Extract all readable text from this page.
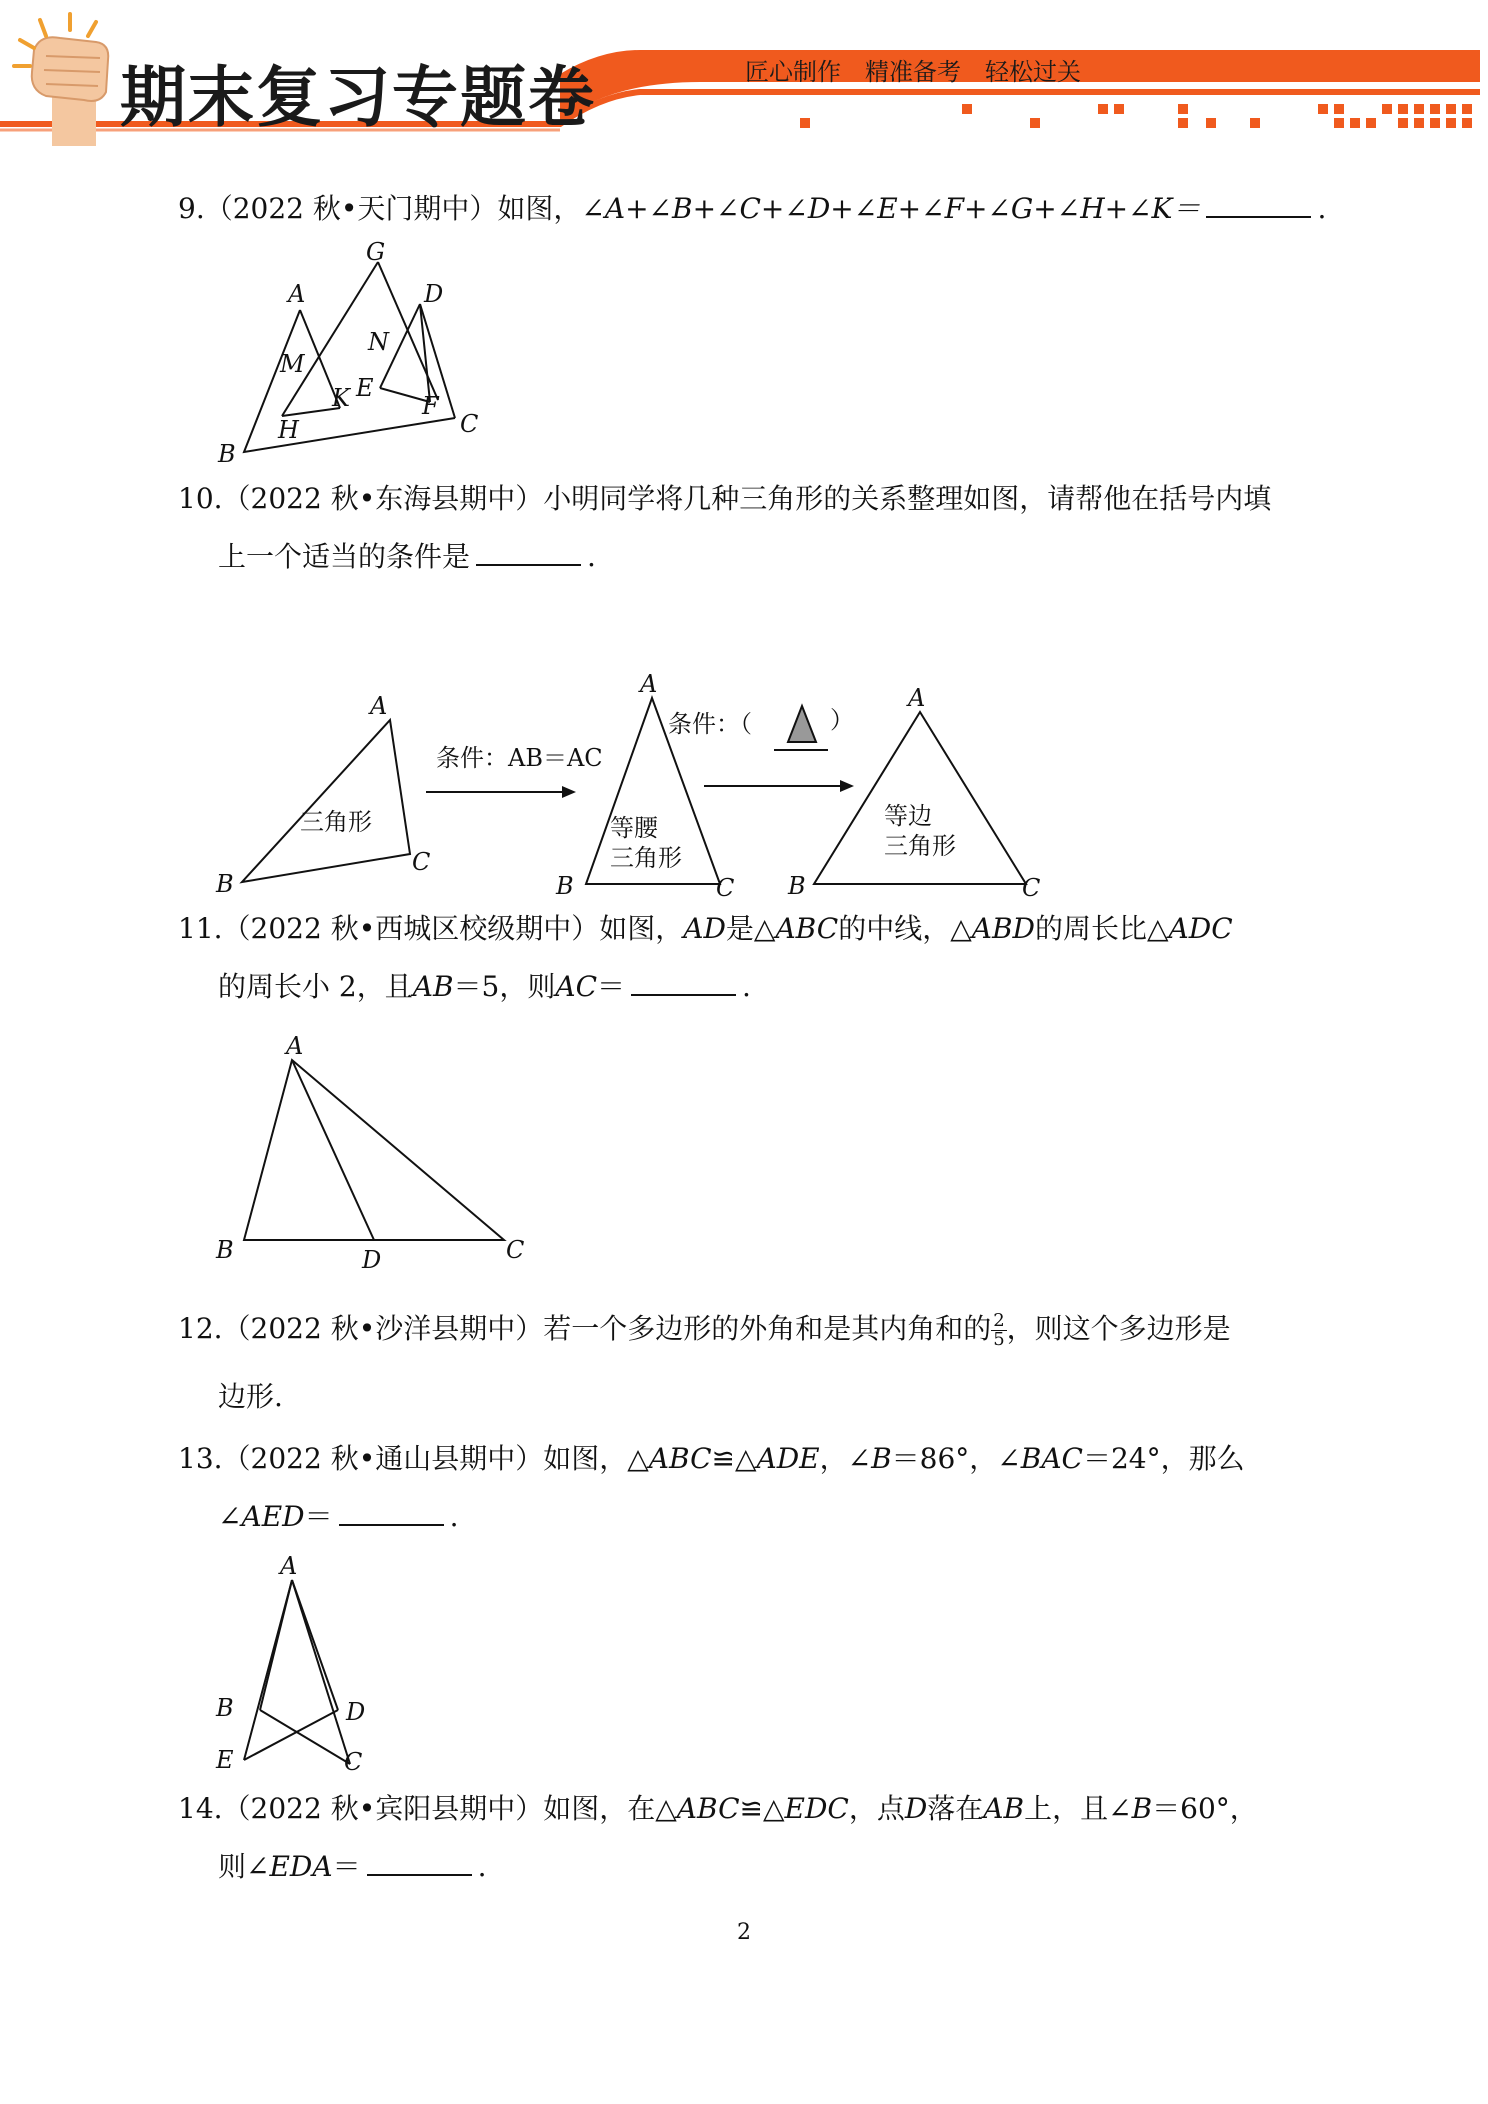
期末复习专题卷	匠心制作　精准备考　轻松过关
9.（2022 秋•天门期中）如图，∠A+∠B+∠C+∠D+∠E+∠F+∠G+∠H+∠K＝	.
A
G
D
M
N
E
K	F
H	C
B
10.（2022 秋•东海县期中）小明同学将几种三角形的关系整理如图，请帮他在括号内填
上一个适当的条件是	.
A
B
C
条件：AB＝AC
三角形
A
B	C
条件：（	）
等腰
三角形
A
B	C
等边
三角形
11.（2022 秋•西城区校级期中）如图，AD是△ABC的中线，△ABD的周长比△ADC
的周长小 2，且AB＝5，则AC＝	.
A
B	D	C
12.（2022 秋•沙洋县期中）若一个多边形的外角和是其内角和的 $\frac{2}{5}$ ，则这个多边形是
边形.
13.（2022 秋•通山县期中）如图，△ABC≌△ADE，∠B＝86°，∠BAC＝24°，那么
∠AED＝	.
A
B	D
E	C
14.（2022 秋•宾阳县期中）如图，在△ABC≌△EDC，点D落在AB上，且∠B＝60°，
则∠EDA＝	.
2
